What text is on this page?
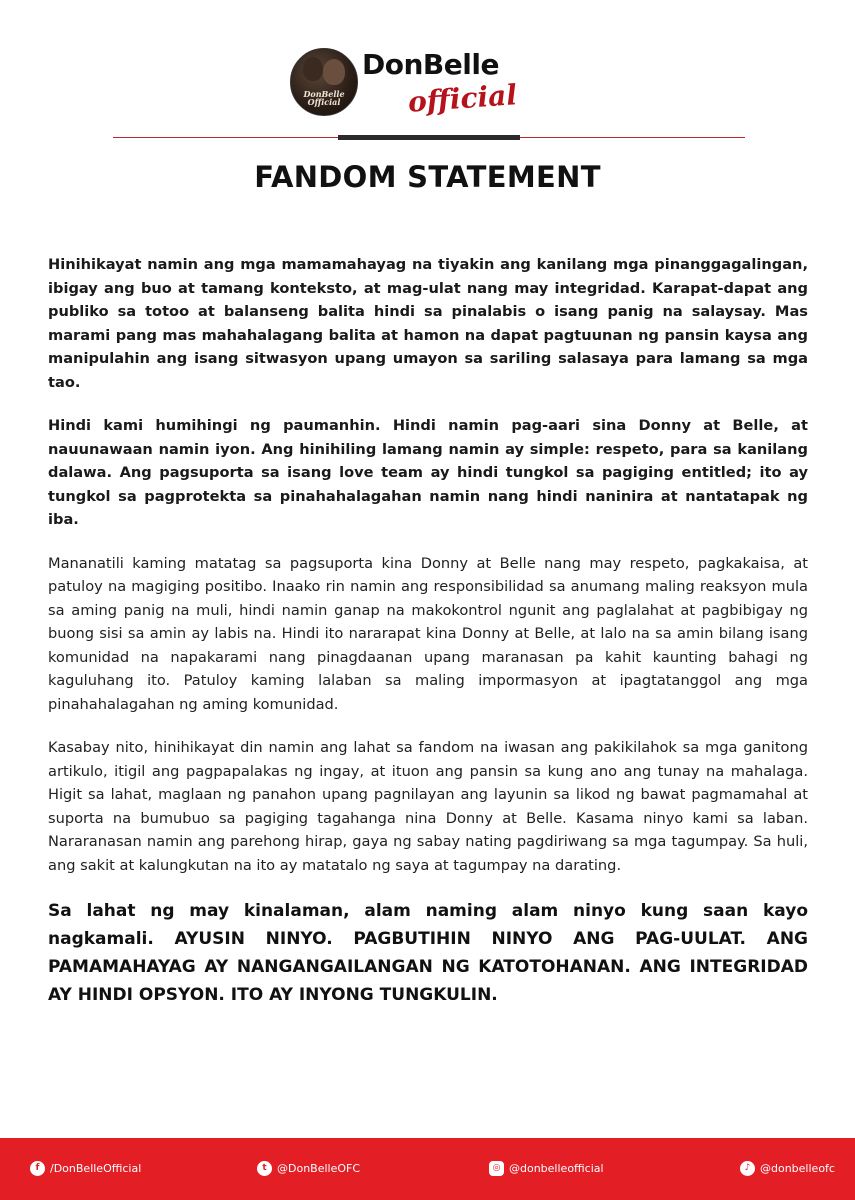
DonBelle Official
DonBelle
official
FANDOM STATEMENT

Hinihikayat namin ang mga mamamahayag na tiyakin ang kanilang mga pinanggagalingan, ibigay ang buo at tamang konteksto, at mag-ulat nang may integridad. Karapat-dapat ang publiko sa totoo at balanseng balita hindi sa pinalabis o isang panig na salaysay. Mas marami pang mas mahahalagang balita at hamon na dapat pagtuunan ng pansin kaysa ang manipulahin ang isang sitwasyon upang umayon sa sariling salasaya para lamang sa mga tao.

Hindi kami humihingi ng paumanhin. Hindi namin pag-aari sina Donny at Belle, at nauunawaan namin iyon. Ang hinihiling lamang namin ay simple: respeto, para sa kanilang dalawa. Ang pagsuporta sa isang love team ay hindi tungkol sa pagiging entitled; ito ay tungkol sa pagprotekta sa pinahahalagahan namin nang hindi naninira at nantatapak ng iba.

Mananatili kaming matatag sa pagsuporta kina Donny at Belle nang may respeto, pagkakaisa, at patuloy na magiging positibo. Inaako rin namin ang responsibilidad sa anumang maling reaksyon mula sa aming panig na muli, hindi namin ganap na makokontrol ngunit ang paglalahat at pagbibigay ng buong sisi sa amin ay labis na. Hindi ito nararapat kina Donny at Belle, at lalo na sa amin bilang isang komunidad na napakarami nang pinagdaanan upang maranasan pa kahit kaunting bahagi ng kaguluhang ito. Patuloy kaming lalaban sa maling impormasyon at ipagtatanggol ang mga pinahahalagahan ng aming komunidad.

Kasabay nito, hinihikayat din namin ang lahat sa fandom na iwasan ang pakikilahok sa mga ganitong artikulo, itigil ang pagpapalakas ng ingay, at ituon ang pansin sa kung ano ang tunay na mahalaga. Higit sa lahat, maglaan ng panahon upang pagnilayan ang layunin sa likod ng bawat pagmamahal at suporta na bumubuo sa pagiging tagahanga nina Donny at Belle. Kasama ninyo kami sa laban. Nararanasan namin ang parehong hirap, gaya ng sabay nating pagdiriwang sa mga tagumpay. Sa huli, ang sakit at kalungkutan na ito ay matatalo ng saya at tagumpay na darating.

Sa lahat ng may kinalaman, alam naming alam ninyo kung saan kayo nagkamali. AYUSIN NINYO. PAGBUTIHIN NINYO ANG PAG-UULAT. ANG PAMAMAHAYAG AY NANGANGAILANGAN NG KATOTOHANAN. ANG INTEGRIDAD AY HINDI OPSYON. ITO AY INYONG TUNGKULIN.

f /DonBelleOfficial	t @DonBelleOFC	◎ @donbelleofficial	♪ @donbelleofc
